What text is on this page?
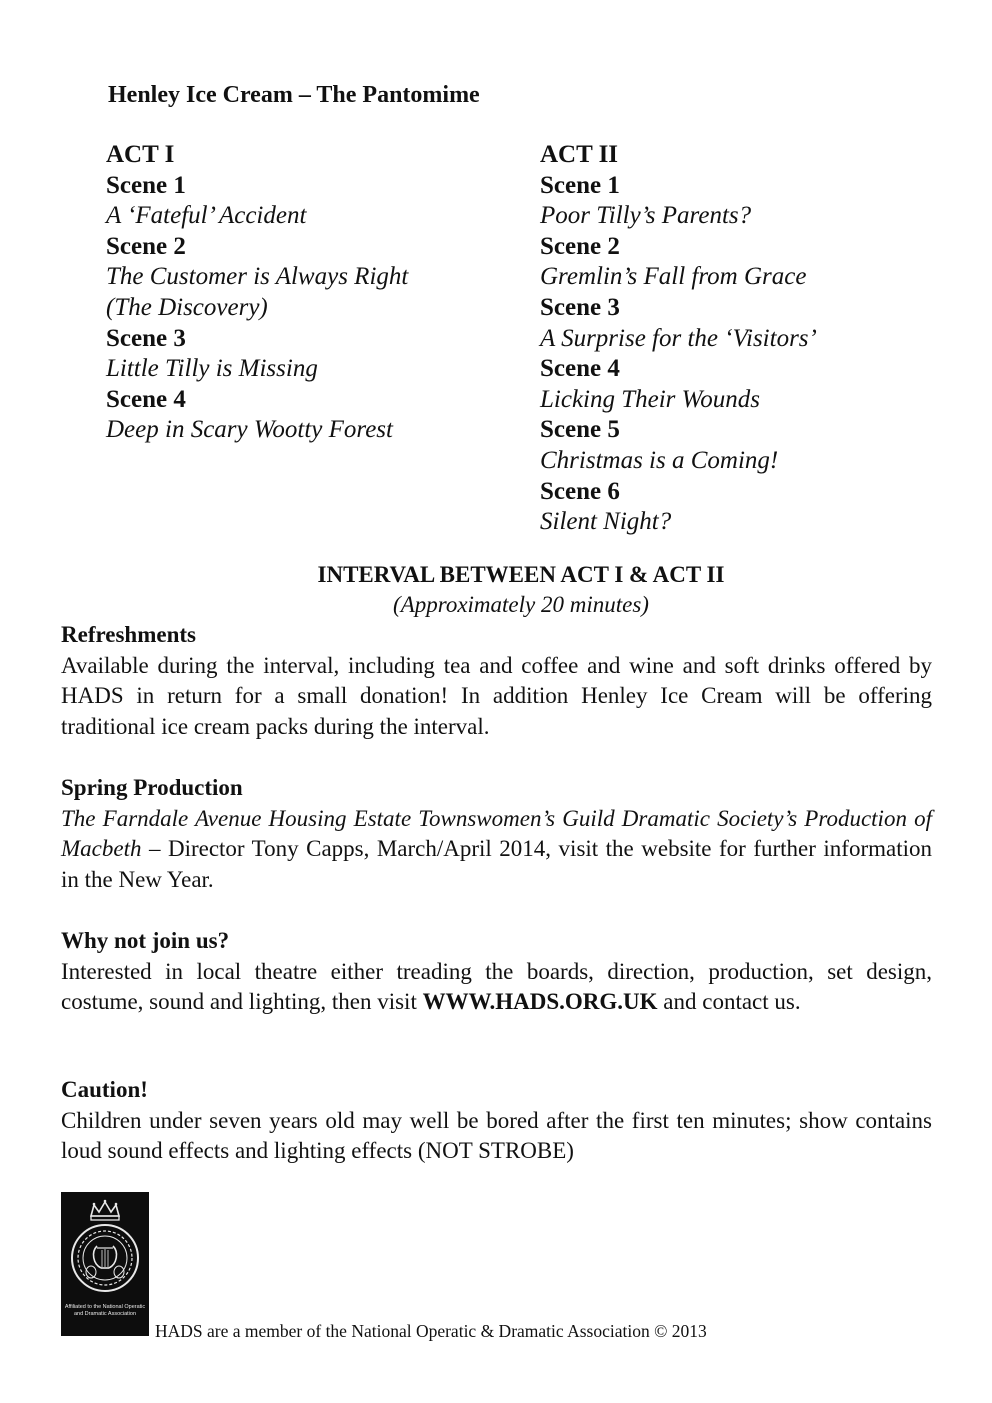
Henley Ice Cream – The Pantomime
ACT I
Scene 1
A ‘Fateful’ Accident
Scene 2
The Customer is Always Right
(The Discovery)
Scene 3
Little Tilly is Missing
Scene 4
Deep in Scary Wootty Forest
ACT II
Scene 1
Poor Tilly’s Parents?
Scene 2
Gremlin’s Fall from Grace
Scene 3
A Surprise for the ‘Visitors’
Scene 4
Licking Their Wounds
Scene 5
Christmas is a Coming!
Scene 6
Silent Night?
INTERVAL BETWEEN ACT I & ACT II
(Approximately 20 minutes)
Refreshments
Available during the interval, including tea and coffee and wine and soft drinks offered by HADS in return for a small donation! In addition Henley Ice Cream will be offering traditional ice cream packs during the interval.
Spring Production
The Farndale Avenue Housing Estate Townswomen’s Guild Dramatic Society’s Production of Macbeth – Director Tony Capps, March/April 2014, visit the website for further information in the New Year.
Why not join us?
Interested in local theatre either treading the boards, direction, production, set design, costume, sound and lighting, then visit WWW.HADS.ORG.UK and contact us.
Caution!
Children under seven years old may well be bored after the first ten minutes; show contains loud sound effects and lighting effects (NOT STROBE)
Affiliated to the National Operatic and Dramatic Association
HADS are a member of the National Operatic & Dramatic Association © 2013
